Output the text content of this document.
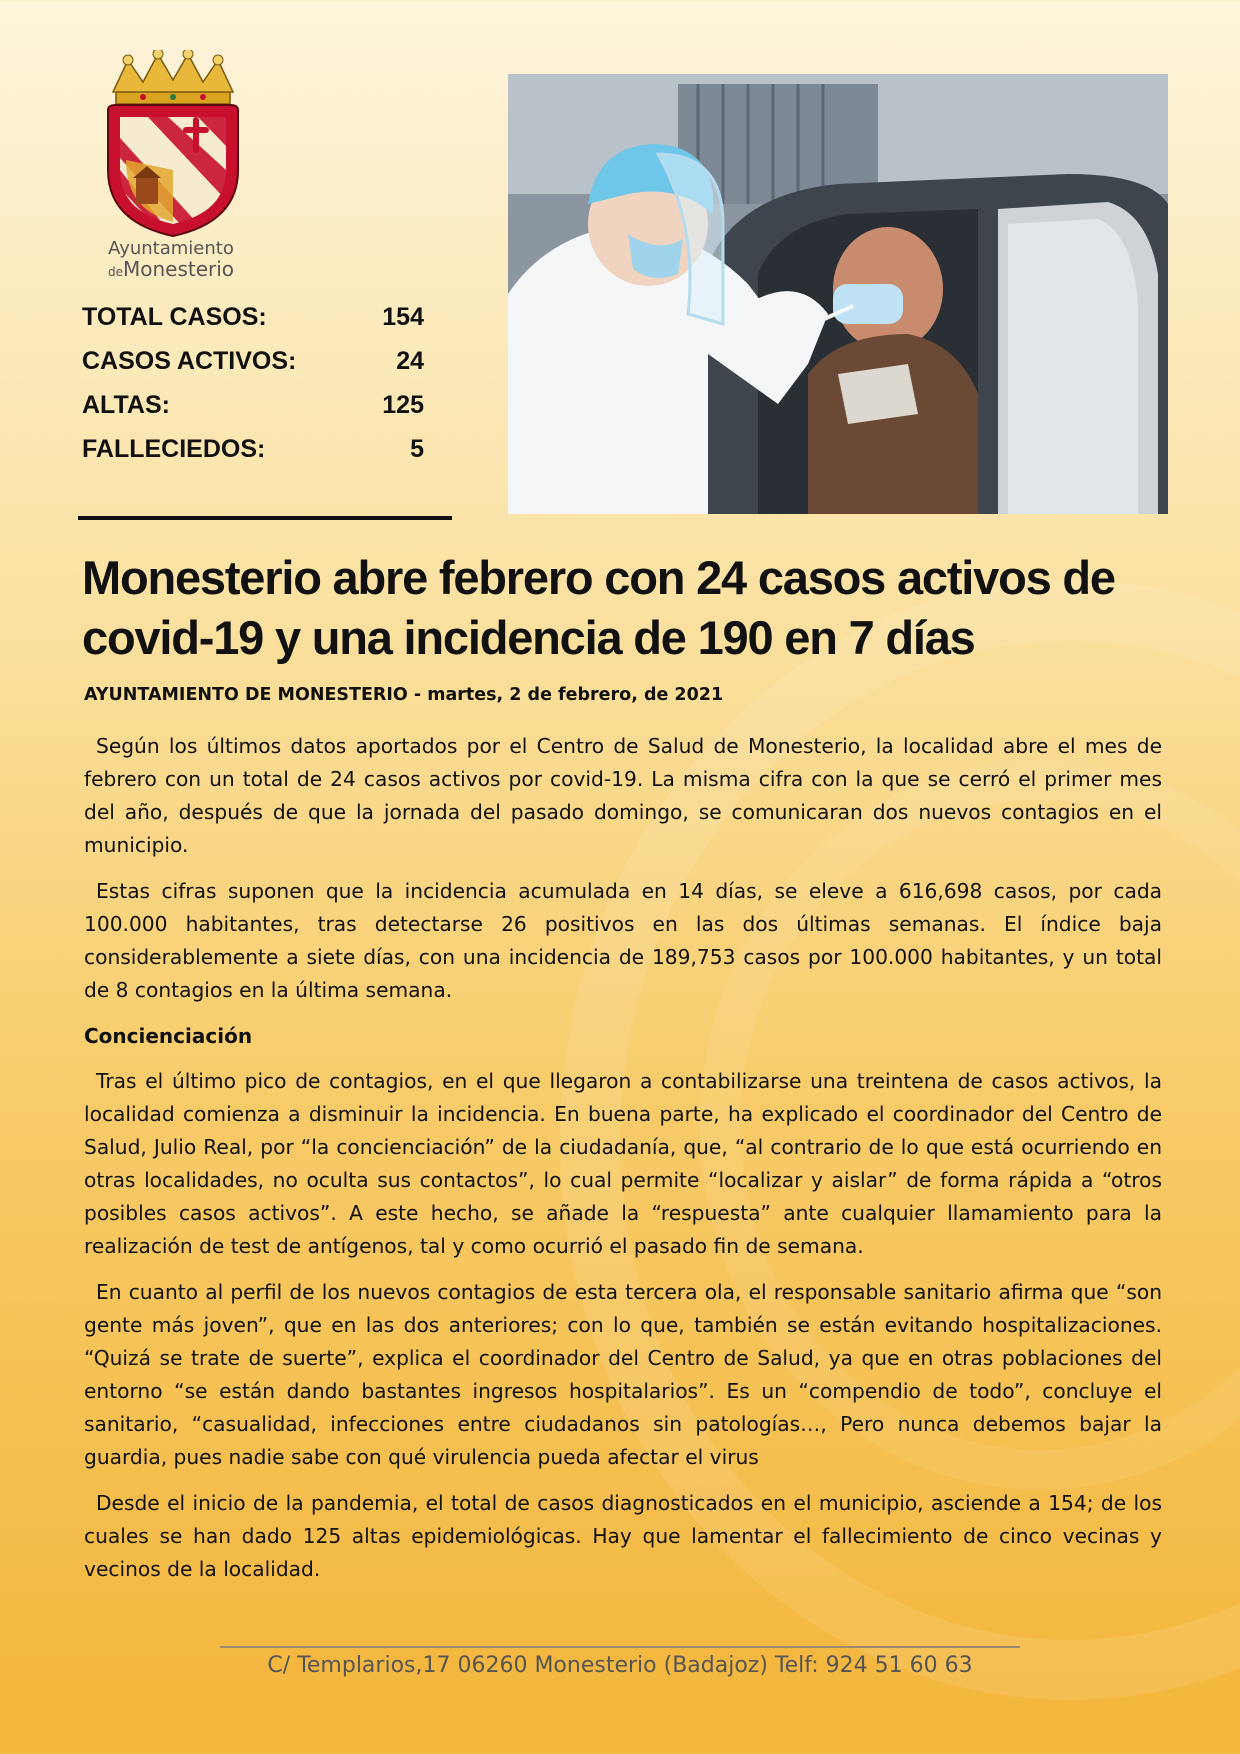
Ayuntamiento
deMonesterio
TOTAL CASOS:	154
CASOS ACTIVOS:	24
ALTAS:	125
FALLECIEDOS:	5
Monesterio abre febrero con 24 casos activos de covid-19 y una incidencia de 190 en 7 días
AYUNTAMIENTO DE MONESTERIO - martes, 2 de febrero, de 2021

Según los últimos datos aportados por el Centro de Salud de Monesterio, la localidad abre el mes de febrero con un total de 24 casos activos por covid-19. La misma cifra con la que se cerró el primer mes del año, después de que la jornada del pasado domingo, se comunicaran dos nuevos contagios en el municipio.

Estas cifras suponen que la incidencia acumulada en 14 días, se eleve a 616,698 casos, por cada 100.000 habitantes, tras detectarse 26 positivos en las dos últimas semanas. El índice baja considerablemente a siete días, con una incidencia de 189,753 casos por 100.000 habitantes, y un total de 8 contagios en la última semana.

Concienciación

Tras el último pico de contagios, en el que llegaron a contabilizarse una treintena de casos activos, la localidad comienza a disminuir la incidencia. En buena parte, ha explicado el coordinador del Centro de Salud, Julio Real, por “la concienciación” de la ciudadanía, que, “al contrario de lo que está ocurriendo en otras localidades, no oculta sus contactos”, lo cual permite “localizar y aislar” de forma rápida a “otros posibles casos activos”. A este hecho, se añade la “respuesta” ante cualquier llamamiento para la realización de test de antígenos, tal y como ocurrió el pasado fin de semana.

En cuanto al perfil de los nuevos contagios de esta tercera ola, el responsable sanitario afirma que “son gente más joven”, que en las dos anteriores; con lo que, también se están evitando hospitalizaciones. “Quizá se trate de suerte”, explica el coordinador del Centro de Salud, ya que en otras poblaciones del entorno “se están dando bastantes ingresos hospitalarios”. Es un “compendio de todo”, concluye el sanitario, “casualidad, infecciones entre ciudadanos sin patologías…, Pero nunca debemos bajar la guardia, pues nadie sabe con qué virulencia pueda afectar el virus

Desde el inicio de la pandemia, el total de casos diagnosticados en el municipio, asciende a 154; de los cuales se han dado 125 altas epidemiológicas. Hay que lamentar el fallecimiento de cinco vecinas y vecinos de la localidad.

C/ Templarios,17 06260 Monesterio (Badajoz) Telf: 924 51 60 63
